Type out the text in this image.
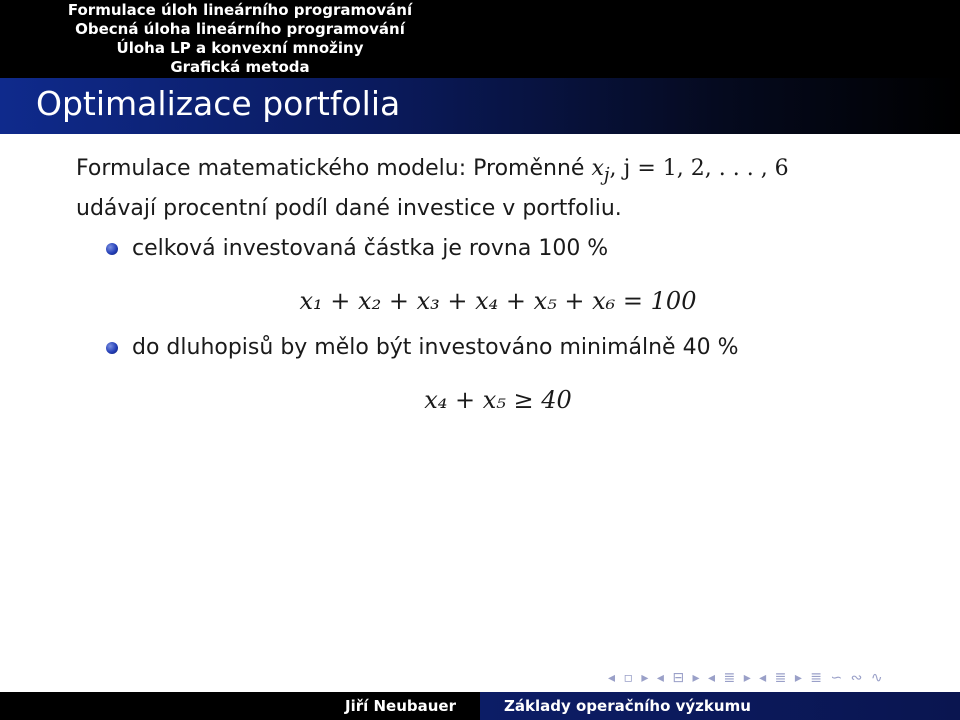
Formulace úloh lineárního programování
Obecná úloha lineárního programování
Úloha LP a konvexní množiny
Grafická metoda
Optimalizace portfolia
Formulace matematického modelu: Proměnné $x_j$, j = 1, 2, . . . , 6
udávají procentní podíl dané investice v portfoliu.
celková investovaná částka je rovna 100 %
x₁ + x₂ + x₃ + x₄ + x₅ + x₆ = 100
do dluhopisů by mělo být investováno minimálně 40 %
x₄ + x₅ ≥ 40
◂ ▫ ▸ ◂ ⊟ ▸ ◂ ≣ ▸ ◂ ≣ ▸ ≣ ∽ ∾ ∿
Jiří Neubauer	Základy operačního výzkumu
